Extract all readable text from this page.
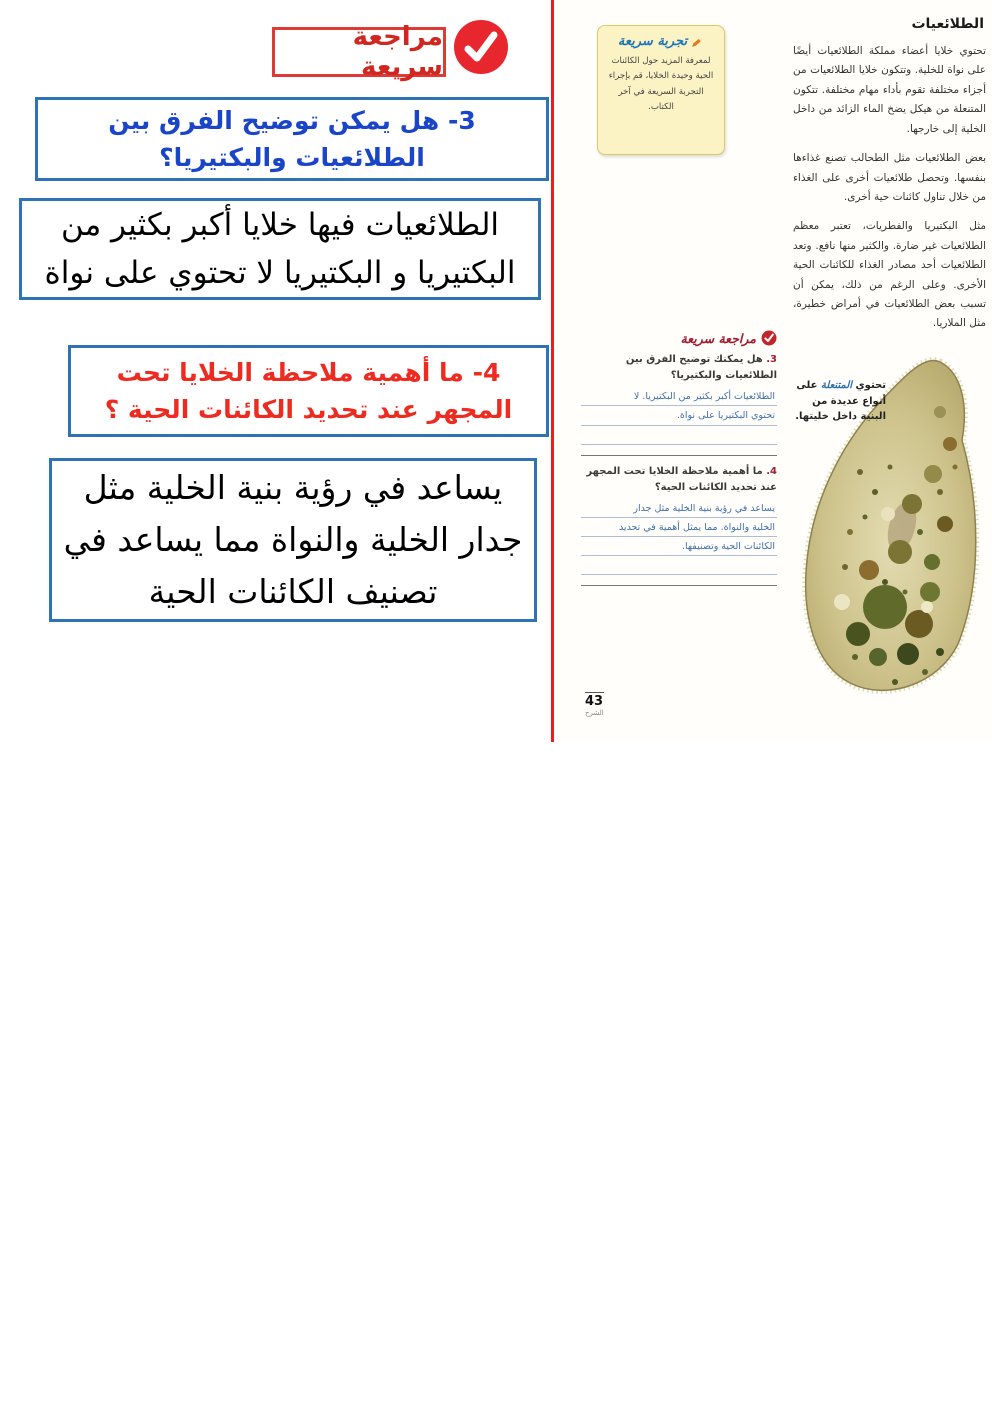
مراجعة سريعة
3- هل يمكن توضيح الفرق بين الطلائعيات والبكتيريا؟
الطلائعيات فيها خلايا أكبر بكثير من البكتيريا و البكتيريا لا تحتوي على نواة
4- ما أهمية ملاحظة الخلايا تحت المجهر عند تحديد الكائنات الحية ؟
يساعد في رؤية بنية الخلية مثل جدار الخلية والنواة مما يساعد في تصنيف الكائنات الحية
الطلائعيات

تحتوي خلايا أعضاء مملكة الطلائعيات أيضًا على نواة للخلية. وتتكون خلايا الطلائعيات من أجزاء مختلفة تقوم بأداء مهام مختلفة. تتكون المتنعلة من هيكل يضخ الماء الزائد من داخل الخلية إلى خارجها.

بعض الطلائعيات مثل الطحالب تصنع غذاءها بنفسها. وتحصل طلائعيات أخرى على الغذاء من خلال تناول كائنات حية أخرى.

مثل البكتيريا والفطريات، تعتبر معظم الطلائعيات غير ضارة. والكثير منها نافع. وتعد الطلائعيات أحد مصادر الغذاء للكائنات الحية الأخرى. وعلى الرغم من ذلك، يمكن أن تسبب بعض الطلائعيات في أمراض خطيرة، مثل الملاريا.

تجربة سريعة

لمعرفة المزيد حول الكائنات الحية وحيدة الخلايا، قم بإجراء التجربة السريعة في آخر الكتاب.

مراجعة سريعة
3. هل يمكنك توضيح الفرق بين الطلائعيات والبكتيريا؟
الطلائعيات أكبر بكثير من البكتيريا. لا
تحتوي البكتيريا على نواة.
4. ما أهمية ملاحظة الخلايا تحت المجهر عند تحديد الكائنات الحية؟
يساعد في رؤية بنية الخلية مثل جدار
الخلية والنواة. مما يمثل أهمية في تحديد
الكائنات الحية وتصنيفها.
تحتوي المتنعلة على أنواع عديدة من البنية داخل خليتها.
43
الشرح
